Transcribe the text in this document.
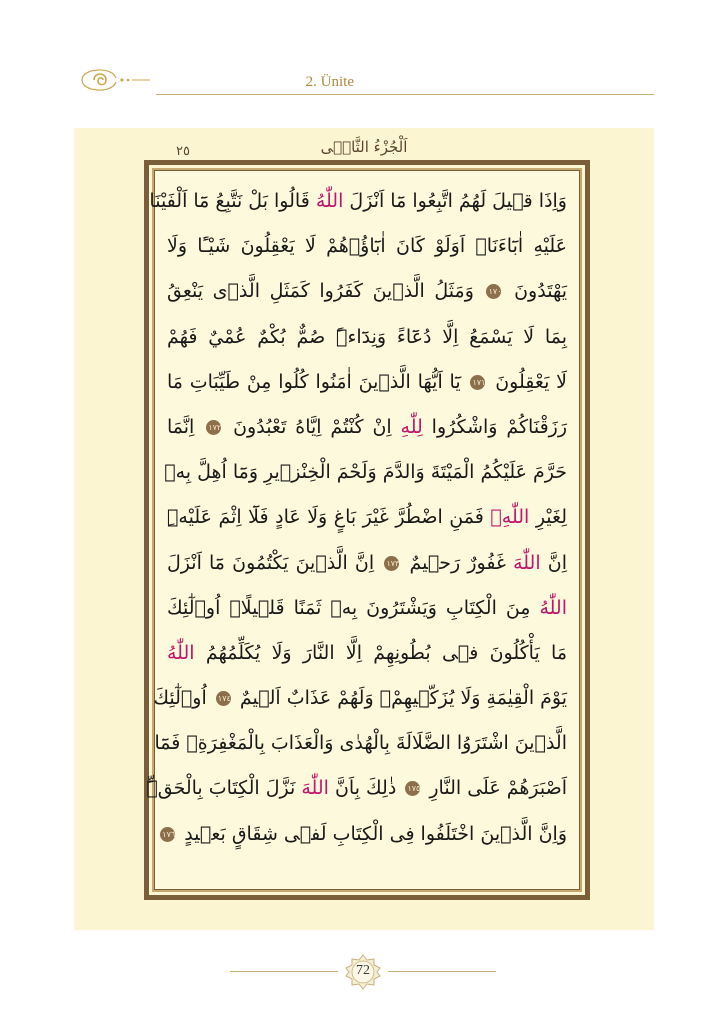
2. Ünite
اَلْجُزْءُ الثَّانٖى
٢٥
وَاِذَا قٖيلَ لَهُمُ اتَّبِعُوا مَٓا اَنْزَلَ اللّٰهُ قَالُوا بَلْ نَتَّبِعُ مَٓا اَلْفَيْنَا
عَلَيْهِ اٰبَٓاءَنَاۜ اَوَلَوْ كَانَ اٰبَٓاؤُ۬هُمْ لَا يَعْقِلُونَ شَيْـًٔا وَلَا
يَهْتَدُونَ ١٧٠ وَمَثَلُ الَّذٖينَ كَفَرُوا كَمَثَلِ الَّذٖى يَنْعِقُ
بِمَا لَا يَسْمَعُ اِلَّا دُعَٓاءً وَنِدَٓاءًۜ صُمٌّ بُكْمٌ عُمْيٌ فَهُمْ
لَا يَعْقِلُونَ ١٧١ يَٓا اَيُّهَا الَّذٖينَ اٰمَنُوا كُلُوا مِنْ طَيِّبَاتِ مَا
رَزَقْنَاكُمْ وَاشْكُرُوا لِلّٰهِ اِنْ كُنْتُمْ اِيَّاهُ تَعْبُدُونَ ١٧٢ اِنَّمَا
حَرَّمَ عَلَيْكُمُ الْمَيْتَةَ وَالدَّمَ وَلَحْمَ الْخِنْزٖيرِ وَمَٓا اُهِلَّ بِهٖ
لِغَيْرِ اللّٰهِۚ فَمَنِ اضْطُرَّ غَيْرَ بَاغٍ وَلَا عَادٍ فَلَٓا اِثْمَ عَلَيْهِۜ
اِنَّ اللّٰهَ غَفُورٌ رَحٖيمٌ ١٧٣ اِنَّ الَّذٖينَ يَكْتُمُونَ مَٓا اَنْزَلَ
اللّٰهُ مِنَ الْكِتَابِ وَيَشْتَرُونَ بِهٖ ثَمَنًا قَلٖيلًاۙ اُو۬لٰٓئِكَ
مَا يَأْكُلُونَ فٖى بُطُونِهِمْ اِلَّا النَّارَ وَلَا يُكَلِّمُهُمُ اللّٰهُ
يَوْمَ الْقِيٰمَةِ وَلَا يُزَكّٖيهِمْۚ وَلَهُمْ عَذَابٌ اَلٖيمٌ ١٧٤ اُو۬لٰٓئِكَ
الَّذٖينَ اشْتَرَوُا الضَّلَالَةَ بِالْهُدٰى وَالْعَذَابَ بِالْمَغْفِرَةِۚ فَمَٓا
اَصْبَرَهُمْ عَلَى النَّارِ ١٧٥ ذٰلِكَ بِاَنَّ اللّٰهَ نَزَّلَ الْكِتَابَ بِالْحَقِّۜ
وَاِنَّ الَّذٖينَ اخْتَلَفُوا فِى الْكِتَابِ لَفٖى شِقَاقٍ بَعٖيدٍ ١٧٦
72
